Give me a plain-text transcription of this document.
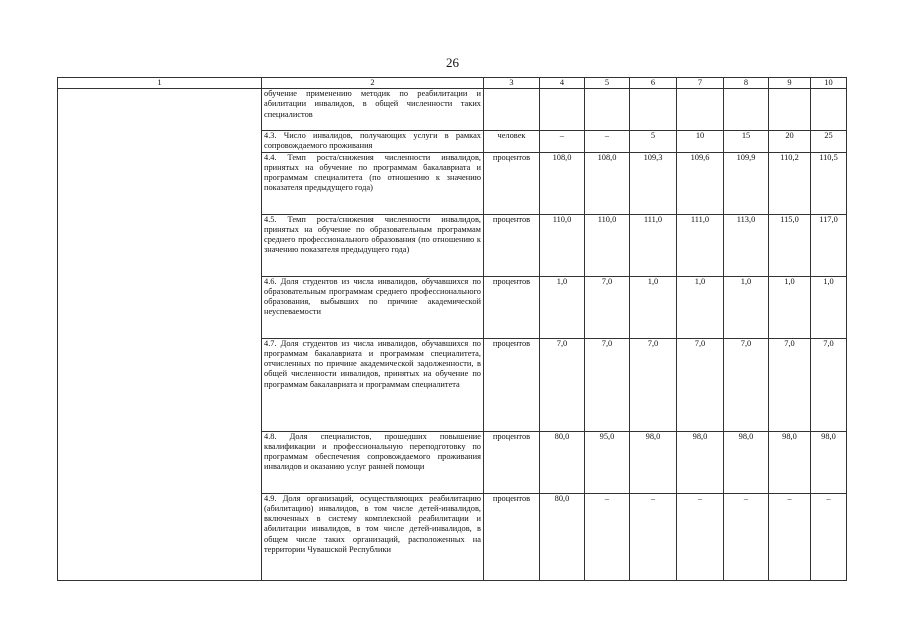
26
1	2	3	4	5	6	7	8	9	10
	обучение применению методик по реабилитации и абилитации инвалидов, в общей численности таких специалистов								
	4.3. Число инвалидов, получающих услуги в рамках сопровождаемого проживания	человек	–	–	5	10	15	20	25
	4.4. Темп роста/снижения численности инвалидов, принятых на обучение по программам бакалавриата и программам специалитета (по отношению к значению показателя предыдущего года)	процентов	108,0	108,0	109,3	109,6	109,9	110,2	110,5
	4.5. Темп роста/снижения численности инвалидов, принятых на обучение по образовательным программам среднего профессионального образования (по отношению к значению показателя предыдущего года)	процентов	110,0	110,0	111,0	111,0	113,0	115,0	117,0
	4.6. Доля студентов из числа инвалидов, обучавшихся по образовательным программам среднего профессионального образования, выбывших по причине академической неуспеваемости	процентов	1,0	7,0	1,0	1,0	1,0	1,0	1,0
	4.7. Доля студентов из числа инвалидов, обучавшихся по программам бакалавриата и программам специалитета, отчисленных по причине академической задолженности, в общей численности инвалидов, принятых на обучение по программам бакалавриата и программам специалитета	процентов	7,0	7,0	7,0	7,0	7,0	7,0	7,0
	4.8. Доля специалистов, прошедших повышение квалификации и профессиональную переподготовку по программам обеспечения сопровождаемого проживания инвалидов и оказанию услуг ранней помощи	процентов	80,0	95,0	98,0	98,0	98,0	98,0	98,0
	4.9. Доля организаций, осуществляющих реабилитацию (абилитацию) инвалидов, в том числе детей-инвалидов, включенных в систему комплексной реабилитации и абилитации инвалидов, в том числе детей-инвалидов, в общем числе таких организаций, расположенных на территории Чувашской Республики	процентов	80,0	–	–	–	–	–	–
